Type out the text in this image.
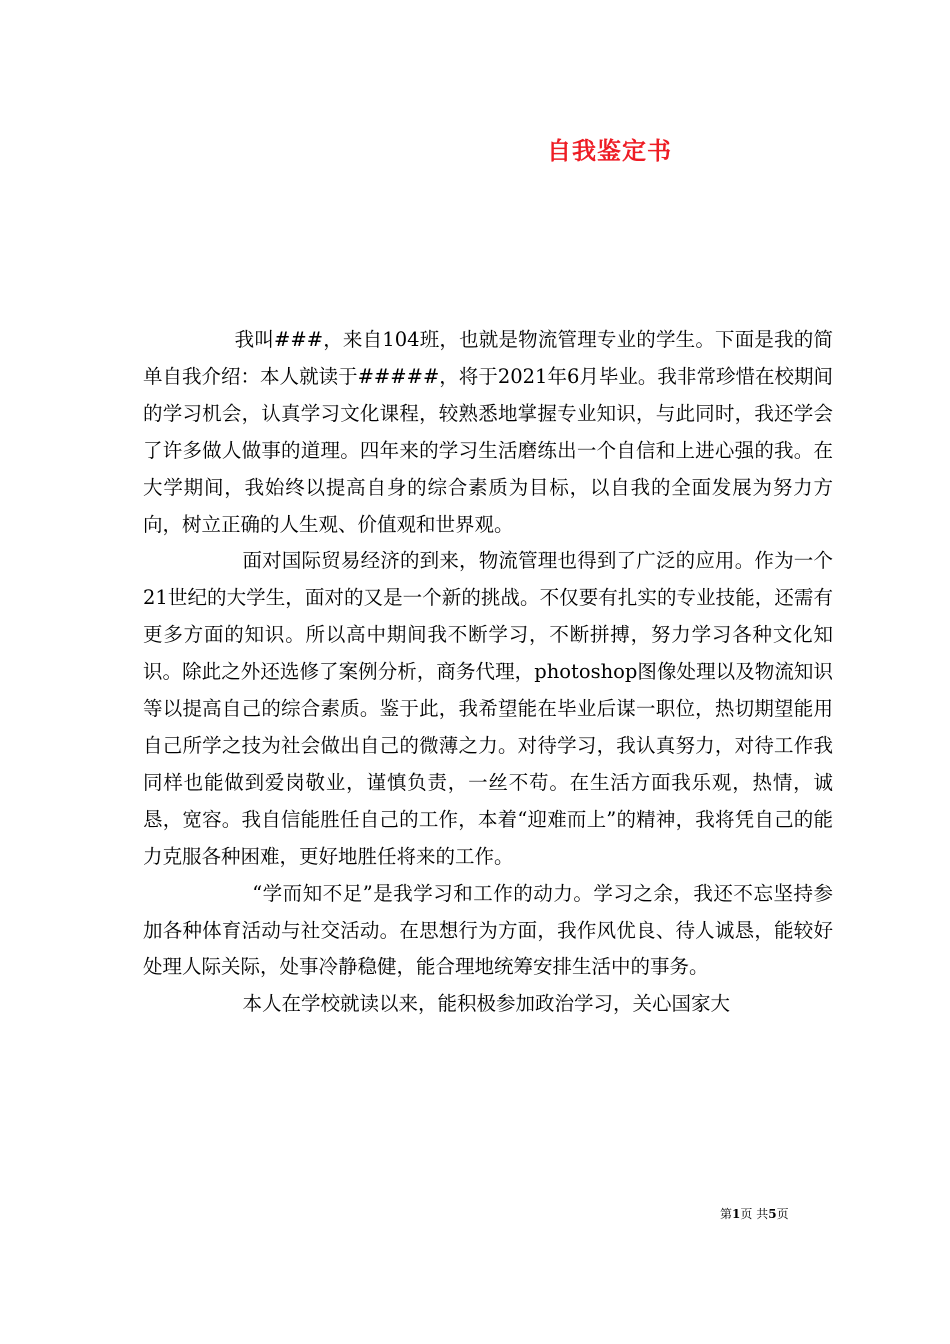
自我鉴定书

我叫###，来自104班，也就是物流管理专业的学生。下面是我的简单自我介绍：本人就读于#####，将于2021年6月毕业。我非常珍惜在校期间的学习机会，认真学习文化课程，较熟悉地掌握专业知识，与此同时，我还学会了许多做人做事的道理。四年来的学习生活磨练出一个自信和上进心强的我。在大学期间，我始终以提高自身的综合素质为目标，以自我的全面发展为努力方向，树立正确的人生观、价值观和世界观。

面对国际贸易经济的到来，物流管理也得到了广泛的应用。作为一个21世纪的大学生，面对的又是一个新的挑战。不仅要有扎实的专业技能，还需有更多方面的知识。所以高中期间我不断学习，不断拼搏，努力学习各种文化知识。除此之外还选修了案例分析，商务代理，photoshop图像处理以及物流知识等以提高自己的综合素质。鉴于此，我希望能在毕业后谋一职位，热切期望能用自己所学之技为社会做出自己的微薄之力。对待学习，我认真努力，对待工作我同样也能做到爱岗敬业，谨慎负责，一丝不苟。在生活方面我乐观，热情，诚恳，宽容。我自信能胜任自己的工作，本着“迎难而上”的精神，我将凭自己的能力克服各种困难，更好地胜任将来的工作。

“学而知不足”是我学习和工作的动力。学习之余，我还不忘坚持参加各种体育活动与社交活动。在思想行为方面，我作风优良、待人诚恳，能较好处理人际关际，处事冷静稳健，能合理地统筹安排生活中的事务。

本人在学校就读以来，能积极参加政治学习，关心国家大

第1页 共5页
